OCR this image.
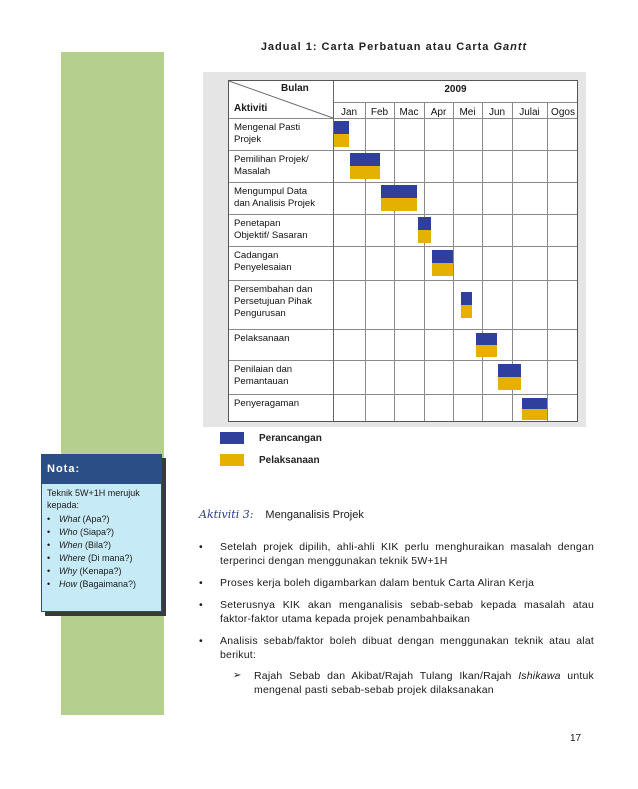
Nota:
Teknik 5W+1H merujuk kepada:
• What (Apa?)
• Who (Siapa?)
• When (Bila?)
• Where (Di mana?)
• Why (Kenapa?)
• How (Bagaimana?)
Jadual 1: Carta Perbatuan atau Carta Gantt
Bulan
Aktiviti
2009
Jan	Feb	Mac	Apr	Mei	Jun	Julai	Ogos
Mengenal Pasti
Projek
Pemilihan Projek/
Masalah
Mengumpul Data
dan Analisis Projek
Penetapan
Objektif/ Sasaran
Cadangan
Penyelesaian
Persembahan dan
Persetujuan Pihak
Pengurusan
Pelaksanaan
Penilaian dan
Pemantauan
Penyeragaman
Perancangan
Pelaksanaan
Aktiviti 3: Menganalisis Projek
• Setelah projek dipilih, ahli-ahli KIK perlu menghuraikan masalah dengan terperinci dengan menggunakan teknik 5W+1H
• Proses kerja boleh digambarkan dalam bentuk Carta Aliran Kerja
• Seterusnya KIK akan menganalisis sebab-sebab kepada masalah atau faktor-faktor utama kepada projek penambahbaikan
• Analisis sebab/faktor boleh dibuat dengan menggunakan teknik atau alat berikut:
➢ Rajah Sebab dan Akibat/Rajah Tulang Ikan/Rajah Ishikawa untuk mengenal pasti sebab-sebab projek dilaksanakan
17
